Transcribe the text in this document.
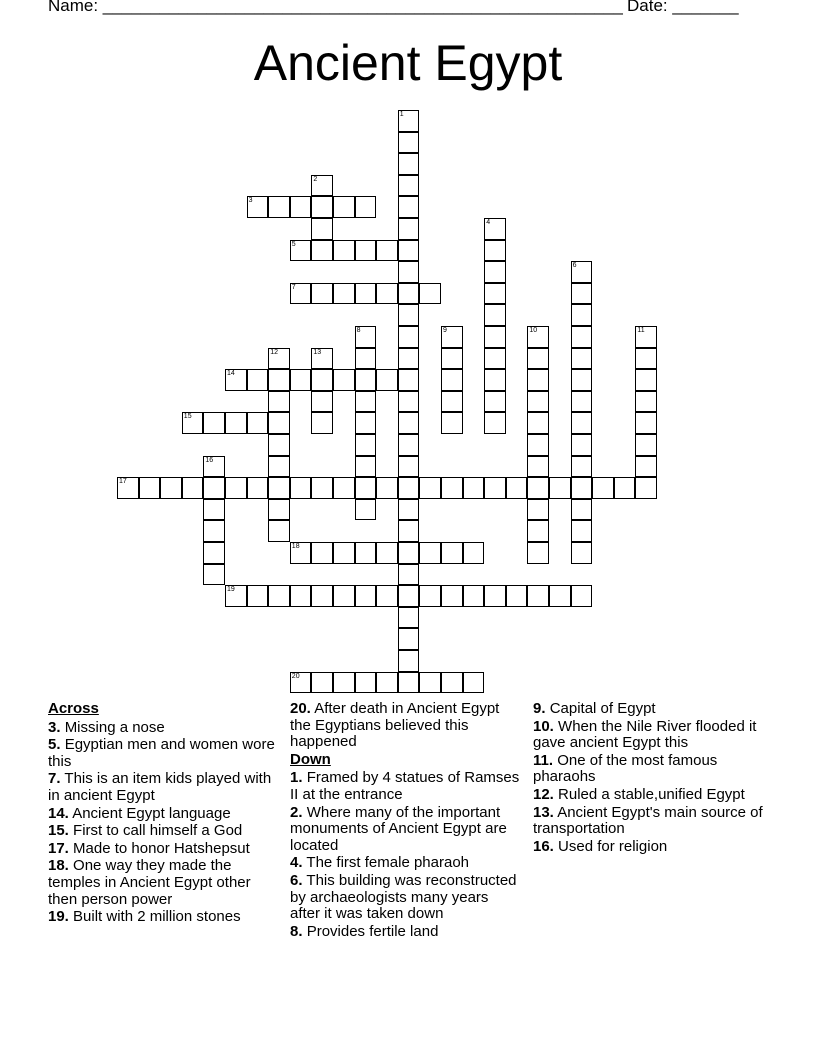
Name: _______________________________________________________ Date: _______
Ancient Egypt
1
2
3
4
5
6
7
8	9	10	11
12	13
14
15
16
17
18
19
20
Across
3. Missing a nose
5. Egyptian men and women wore this
7. This is an item kids played with in ancient Egypt
14. Ancient Egypt language
15. First to call himself a God
17. Made to honor Hatshepsut
18. One way they made the temples in Ancient Egypt other then person power
19. Built with 2 million stones
20. After death in Ancient Egypt the Egyptians believed this happened
Down
1. Framed by 4 statues of Ramses II at the entrance
2. Where many of the important monuments of Ancient Egypt are located
4. The first female pharaoh
6. This building was reconstructed by archaeologists many years after it was taken down
8. Provides fertile land
9. Capital of Egypt
10. When the Nile River flooded it gave ancient Egypt this
11. One of the most famous pharaohs
12. Ruled a stable,unified Egypt
13. Ancient Egypt's main source of transportation
16. Used for religion
